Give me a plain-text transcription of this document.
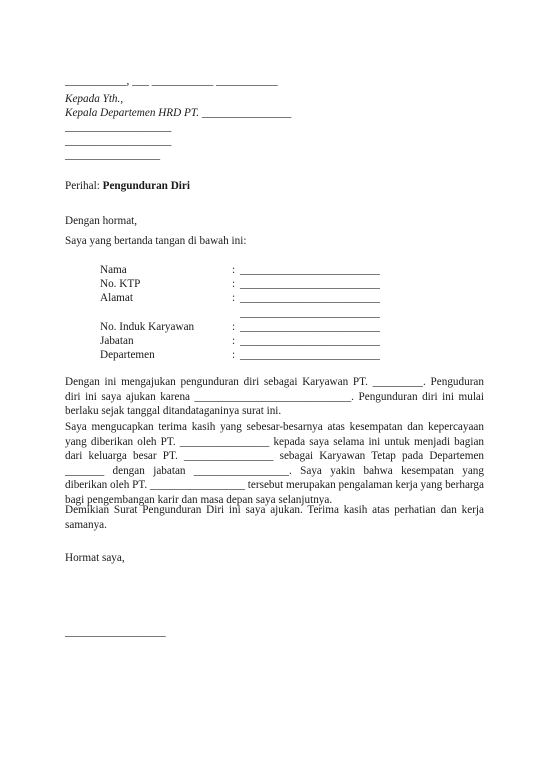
___________, ___ ___________ ___________
Kepada Yth.,
Kepala Departemen HRD PT. ________________
___________________
___________________
_________________
Perihal: Pengunduran Diri
Dengan hormat,
Saya yang bertanda tangan di bawah ini:
Nama	: _________________________
No. KTP	: _________________________
Alamat	: _________________________
_________________________
No. Induk Karyawan	: _________________________
Jabatan	: _________________________
Departemen	: _________________________
Dengan ini mengajukan pengunduran diri sebagai Karyawan PT. _________. Penguduran diri ini saya ajukan karena ____________________________. Pengunduran diri ini mulai berlaku sejak tanggal ditandataganinya surat ini.
Saya mengucapkan terima kasih yang sebesar-besarnya atas kesempatan dan kepercayaan yang diberikan oleh PT. ________________ kepada saya selama ini untuk menjadi bagian dari keluarga besar PT. ________________ sebagai Karyawan Tetap pada Departemen _______ dengan jabatan _________________. Saya yakin bahwa kesempatan yang diberikan oleh PT. _________________ tersebut merupakan pengalaman kerja yang berharga bagi pengembangan karir dan masa depan saya selanjutnya.
Demikian Surat Pengunduran Diri ini saya ajukan. Terima kasih atas perhatian dan kerja samanya.
Hormat saya,
__________________
